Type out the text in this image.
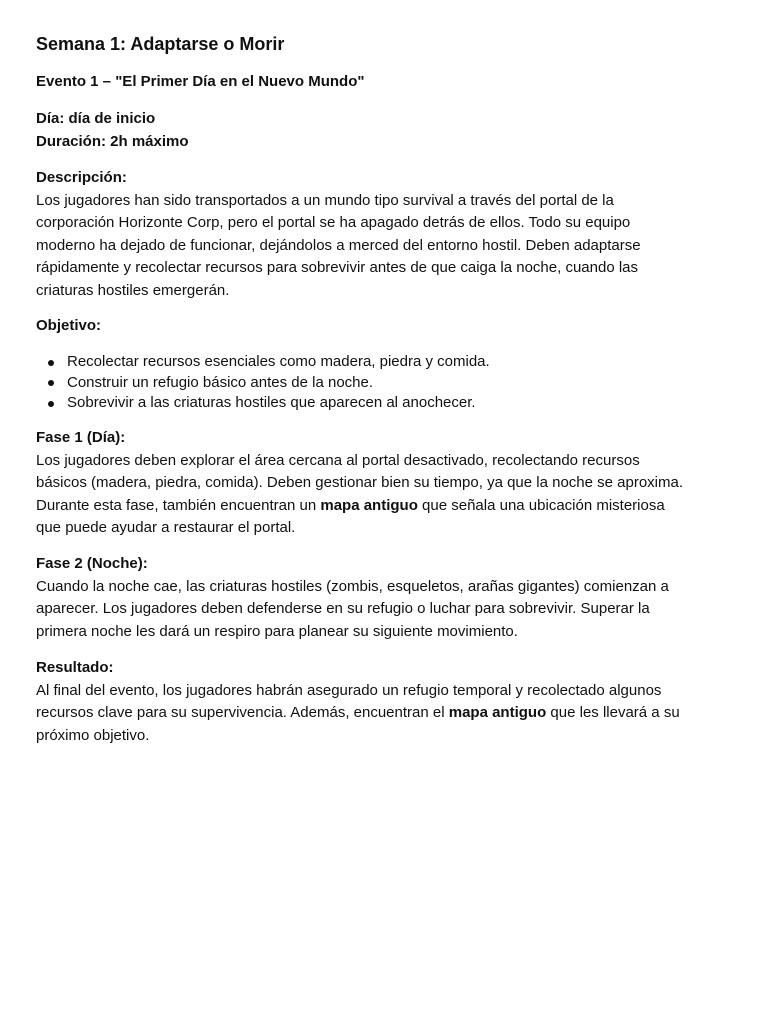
Semana 1: Adaptarse o Morir
Evento 1 – "El Primer Día en el Nuevo Mundo"
Día: día de inicio
Duración: 2h máximo
Descripción:
Los jugadores han sido transportados a un mundo tipo survival a través del portal de la
corporación Horizonte Corp, pero el portal se ha apagado detrás de ellos. Todo su equipo
moderno ha dejado de funcionar, dejándolos a merced del entorno hostil. Deben adaptarse
rápidamente y recolectar recursos para sobrevivir antes de que caiga la noche, cuando las
criaturas hostiles emergerán.
Objetivo:
Recolectar recursos esenciales como madera, piedra y comida.
Construir un refugio básico antes de la noche.
Sobrevivir a las criaturas hostiles que aparecen al anochecer.
Fase 1 (Día):
Los jugadores deben explorar el área cercana al portal desactivado, recolectando recursos
básicos (madera, piedra, comida). Deben gestionar bien su tiempo, ya que la noche se aproxima.
Durante esta fase, también encuentran un mapa antiguo que señala una ubicación misteriosa
que puede ayudar a restaurar el portal.
Fase 2 (Noche):
Cuando la noche cae, las criaturas hostiles (zombis, esqueletos, arañas gigantes) comienzan a
aparecer. Los jugadores deben defenderse en su refugio o luchar para sobrevivir. Superar la
primera noche les dará un respiro para planear su siguiente movimiento.
Resultado:
Al final del evento, los jugadores habrán asegurado un refugio temporal y recolectado algunos
recursos clave para su supervivencia. Además, encuentran el mapa antiguo que les llevará a su
próximo objetivo.
